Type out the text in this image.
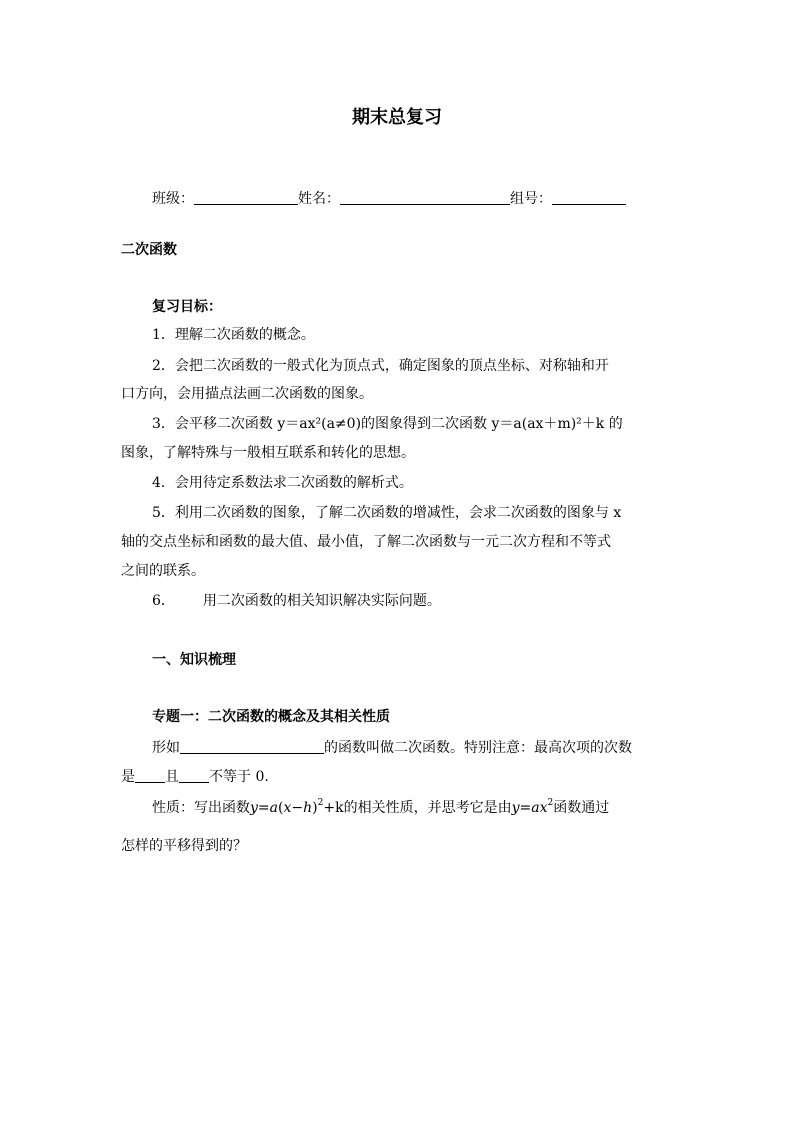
期末总复习
班级：	姓名：	组号：
二次函数
复习目标：
1．理解二次函数的概念。
2．会把二次函数的一般式化为顶点式，确定图象的顶点坐标、对称轴和开
口方向，会用描点法画二次函数的图象。
3．会平移二次函数 y＝ax²(a≠0)的图象得到二次函数 y＝a(ax＋m)²＋k 的
图象，了解特殊与一般相互联系和转化的思想。
4．会用待定系数法求二次函数的解析式。
5．利用二次函数的图象，了解二次函数的增减性，会求二次函数的图象与 x
轴的交点坐标和函数的最大值、最小值，了解二次函数与一元二次方程和不等式
之间的联系。
6． 用二次函数的相关知识解决实际问题。
一、知识梳理
专题一：二次函数的概念及其相关性质
形如	的函数叫做二次函数。特别注意：最高次项的次数
是 且 不等于 0.
性质：写出函数$y=a(x-h)^2+k$的相关性质，并思考它是由$y=ax^2$函数通过
怎样的平移得到的？
